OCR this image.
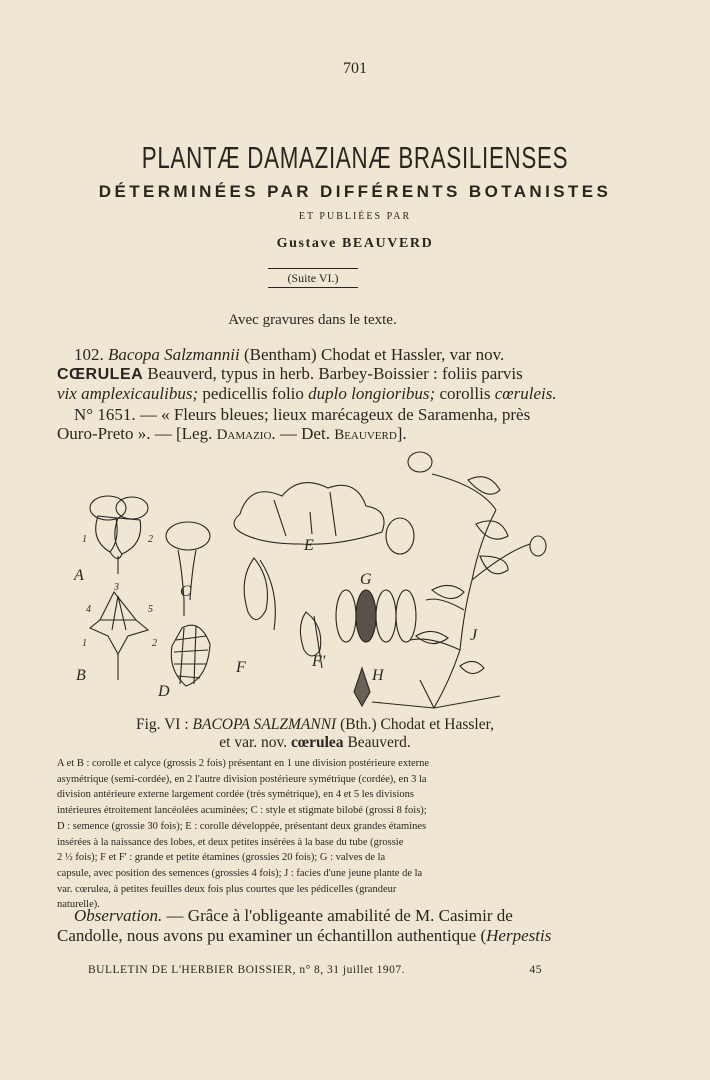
701
PLANTÆ DAMAZIANÆ BRASILIENSES
DÉTERMINÉES PAR DIFFÉRENTS BOTANISTES
ET PUBLIÉES PAR
Gustave BEAUVERD
(Suite VI.)
Avec gravures dans le texte.
102. Bacopa Salzmannii (Bentham) Chodat et Hassler, var nov.
CŒRULEA Beauverd, typus in herb. Barbey-Boissier : foliis parvis
vix amplexicaulibus; pedicellis folio duplo longioribus; corollis cœruleis.
N° 1651. — « Fleurs bleues; lieux marécageux de Saramenha, près
Ouro-Preto ». — [Leg. Damazio. — Det. Beauverd].
A
B
C
D
E
F	F'
G
H
J
1	2
3
4	5
1	2
Fig. VI : BACOPA SALZMANNI (Bth.) Chodat et Hassler,
et var. nov. cœrulea Beauverd.
A et B : corolle et calyce (grossis 2 fois) présentant en 1 une division postérieure externe
asymétrique (semi-cordée), en 2 l'autre division postérieure symétrique (cordée), en 3 la
division antérieure externe largement cordée (très symétrique), en 4 et 5 les divisions
intérieures étroitement lancéolées acuminées; C : style et stigmate bilobé (grossi 8 fois);
D : semence (grossie 30 fois); E : corolle développée, présentant deux grandes étamines
insérées à la naissance des lobes, et deux petites insérées à la base du tube (grossie
2 ½ fois); F et F' : grande et petite étamines (grossies 20 fois); G : valves de la
capsule, avec position des semences (grossies 4 fois); J : facies d'une jeune plante de la
var. cœrulea, à petites feuilles deux fois plus courtes que les pédicelles (grandeur
naturelle).
Observation. — Grâce à l'obligeante amabilité de M. Casimir de
Candolle, nous avons pu examiner un échantillon authentique (Herpestis
BULLETIN DE L'HERBIER BOISSIER, n° 8, 31 juillet 1907.	45
